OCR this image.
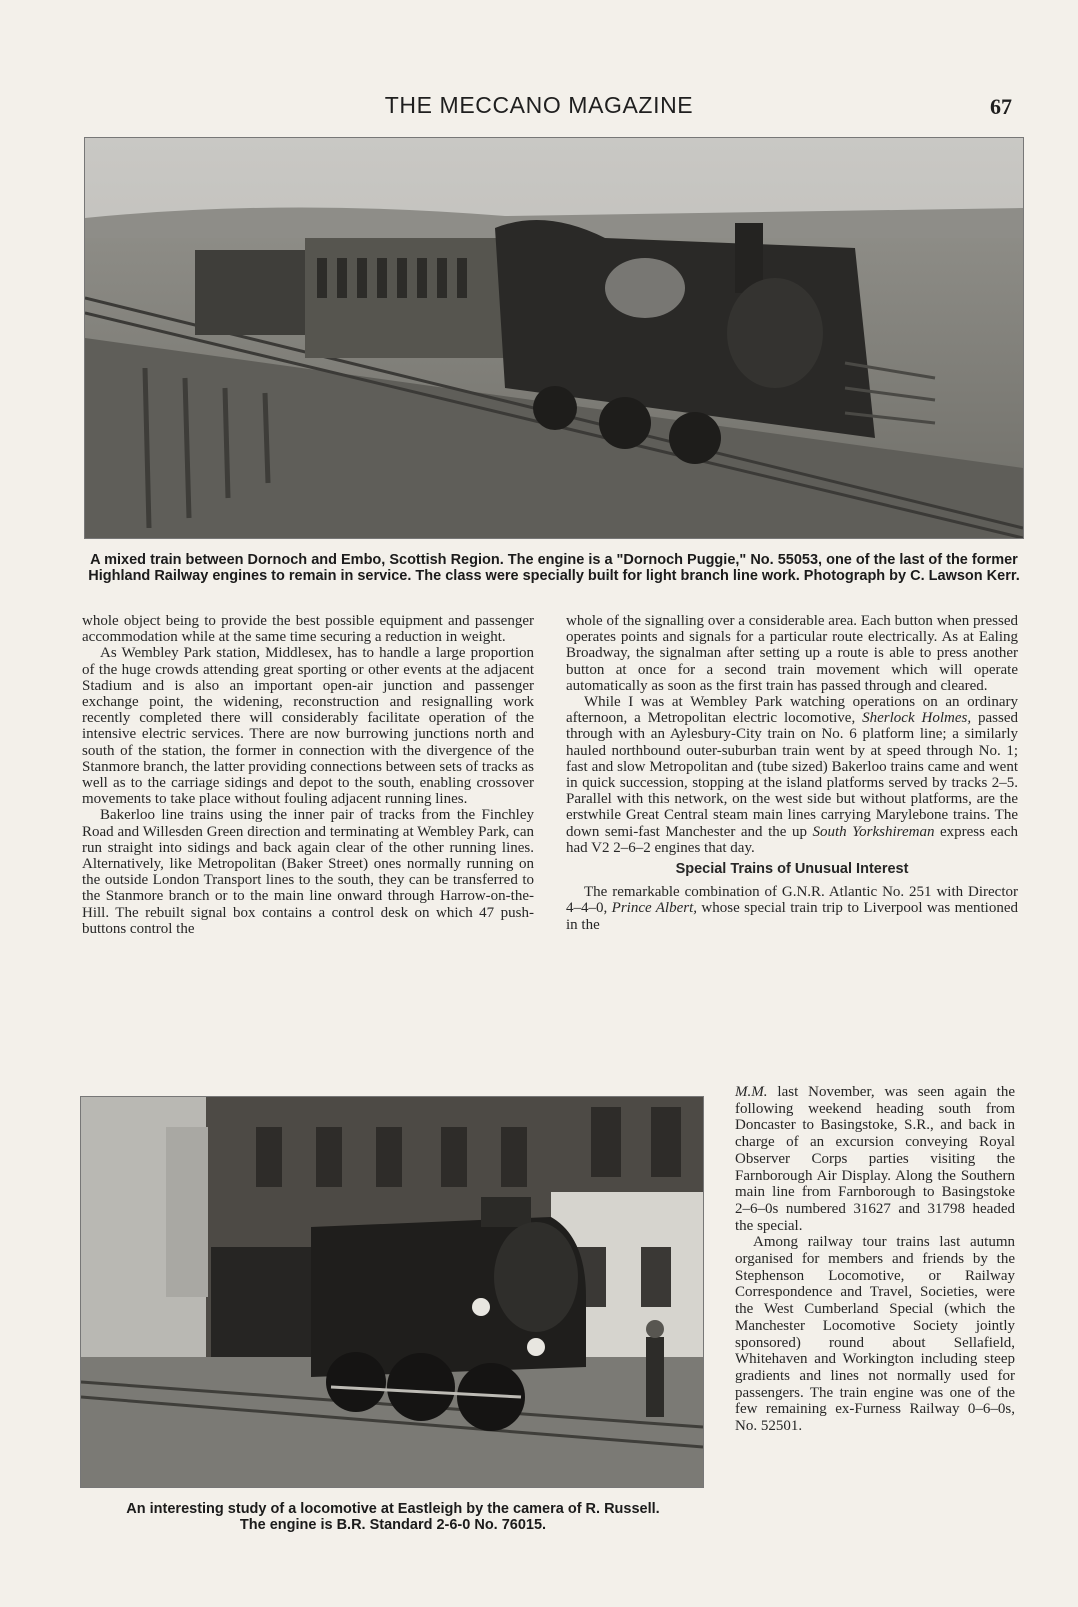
THE MECCANO MAGAZINE	67
A mixed train between Dornoch and Embo, Scottish Region. The engine is a "Dornoch Puggie," No. 55053, one of the last of the former Highland Railway engines to remain in service. The class were specially built for light branch line work. Photograph by C. Lawson Kerr.

whole object being to provide the best possible equipment and passenger accommodation while at the same time securing a reduction in weight.

As Wembley Park station, Middlesex, has to handle a large proportion of the huge crowds attending great sporting or other events at the adjacent Stadium and is also an important open-air junction and passenger exchange point, the widening, reconstruction and resignalling work recently completed there will considerably facilitate operation of the intensive electric services. There are now burrowing junctions north and south of the station, the former in connection with the divergence of the Stanmore branch, the latter providing connections between sets of tracks as well as to the carriage sidings and depot to the south, enabling crossover movements to take place without fouling adjacent running lines.

Bakerloo line trains using the inner pair of tracks from the Finchley Road and Willesden Green direction and terminating at Wembley Park, can run straight into sidings and back again clear of the other running lines. Alternatively, like Metropolitan (Baker Street) ones normally running on the outside London Transport lines to the south, they can be transferred to the Stanmore branch or to the main line onward through Harrow-on-the-Hill. The rebuilt signal box contains a control desk on which 47 push-buttons control the

whole of the signalling over a considerable area. Each button when pressed operates points and signals for a particular route electrically. As at Ealing Broadway, the signalman after setting up a route is able to press another button at once for a second train movement which will operate automatically as soon as the first train has passed through and cleared.

While I was at Wembley Park watching operations on an ordinary afternoon, a Metropolitan electric locomotive, Sherlock Holmes, passed through with an Aylesbury-City train on No. 6 platform line; a similarly hauled northbound outer-suburban train went by at speed through No. 1; fast and slow Metropolitan and (tube sized) Bakerloo trains came and went in quick succession, stopping at the island platforms served by tracks 2–5. Parallel with this network, on the west side but without platforms, are the erstwhile Great Central steam main lines carrying Marylebone trains. The down semi-fast Manchester and the up South Yorkshireman express each had V2 2–6–2 engines that day.

Special Trains of Unusual Interest

The remarkable combination of G.N.R. Atlantic No. 251 with Director 4–4–0, Prince Albert, whose special train trip to Liverpool was mentioned in the

M.M. last November, was seen again the following weekend heading south from Doncaster to Basingstoke, S.R., and back in charge of an excursion conveying Royal Observer Corps parties visiting the Farnborough Air Display. Along the Southern main line from Farnborough to Basingstoke 2–6–0s numbered 31627 and 31798 headed the special.

Among railway tour trains last autumn organised for members and friends by the Stephenson Locomotive, or Railway Correspondence and Travel, Societies, were the West Cumberland Special (which the Manchester Locomotive Society jointly sponsored) round about Sellafield, Whitehaven and Workington including steep gradients and lines not normally used for passengers. The train engine was one of the few remaining ex-Furness Railway 0–6–0s, No. 52501.

An interesting study of a locomotive at Eastleigh by the camera of R. Russell.
The engine is B.R. Standard 2-6-0 No. 76015.
